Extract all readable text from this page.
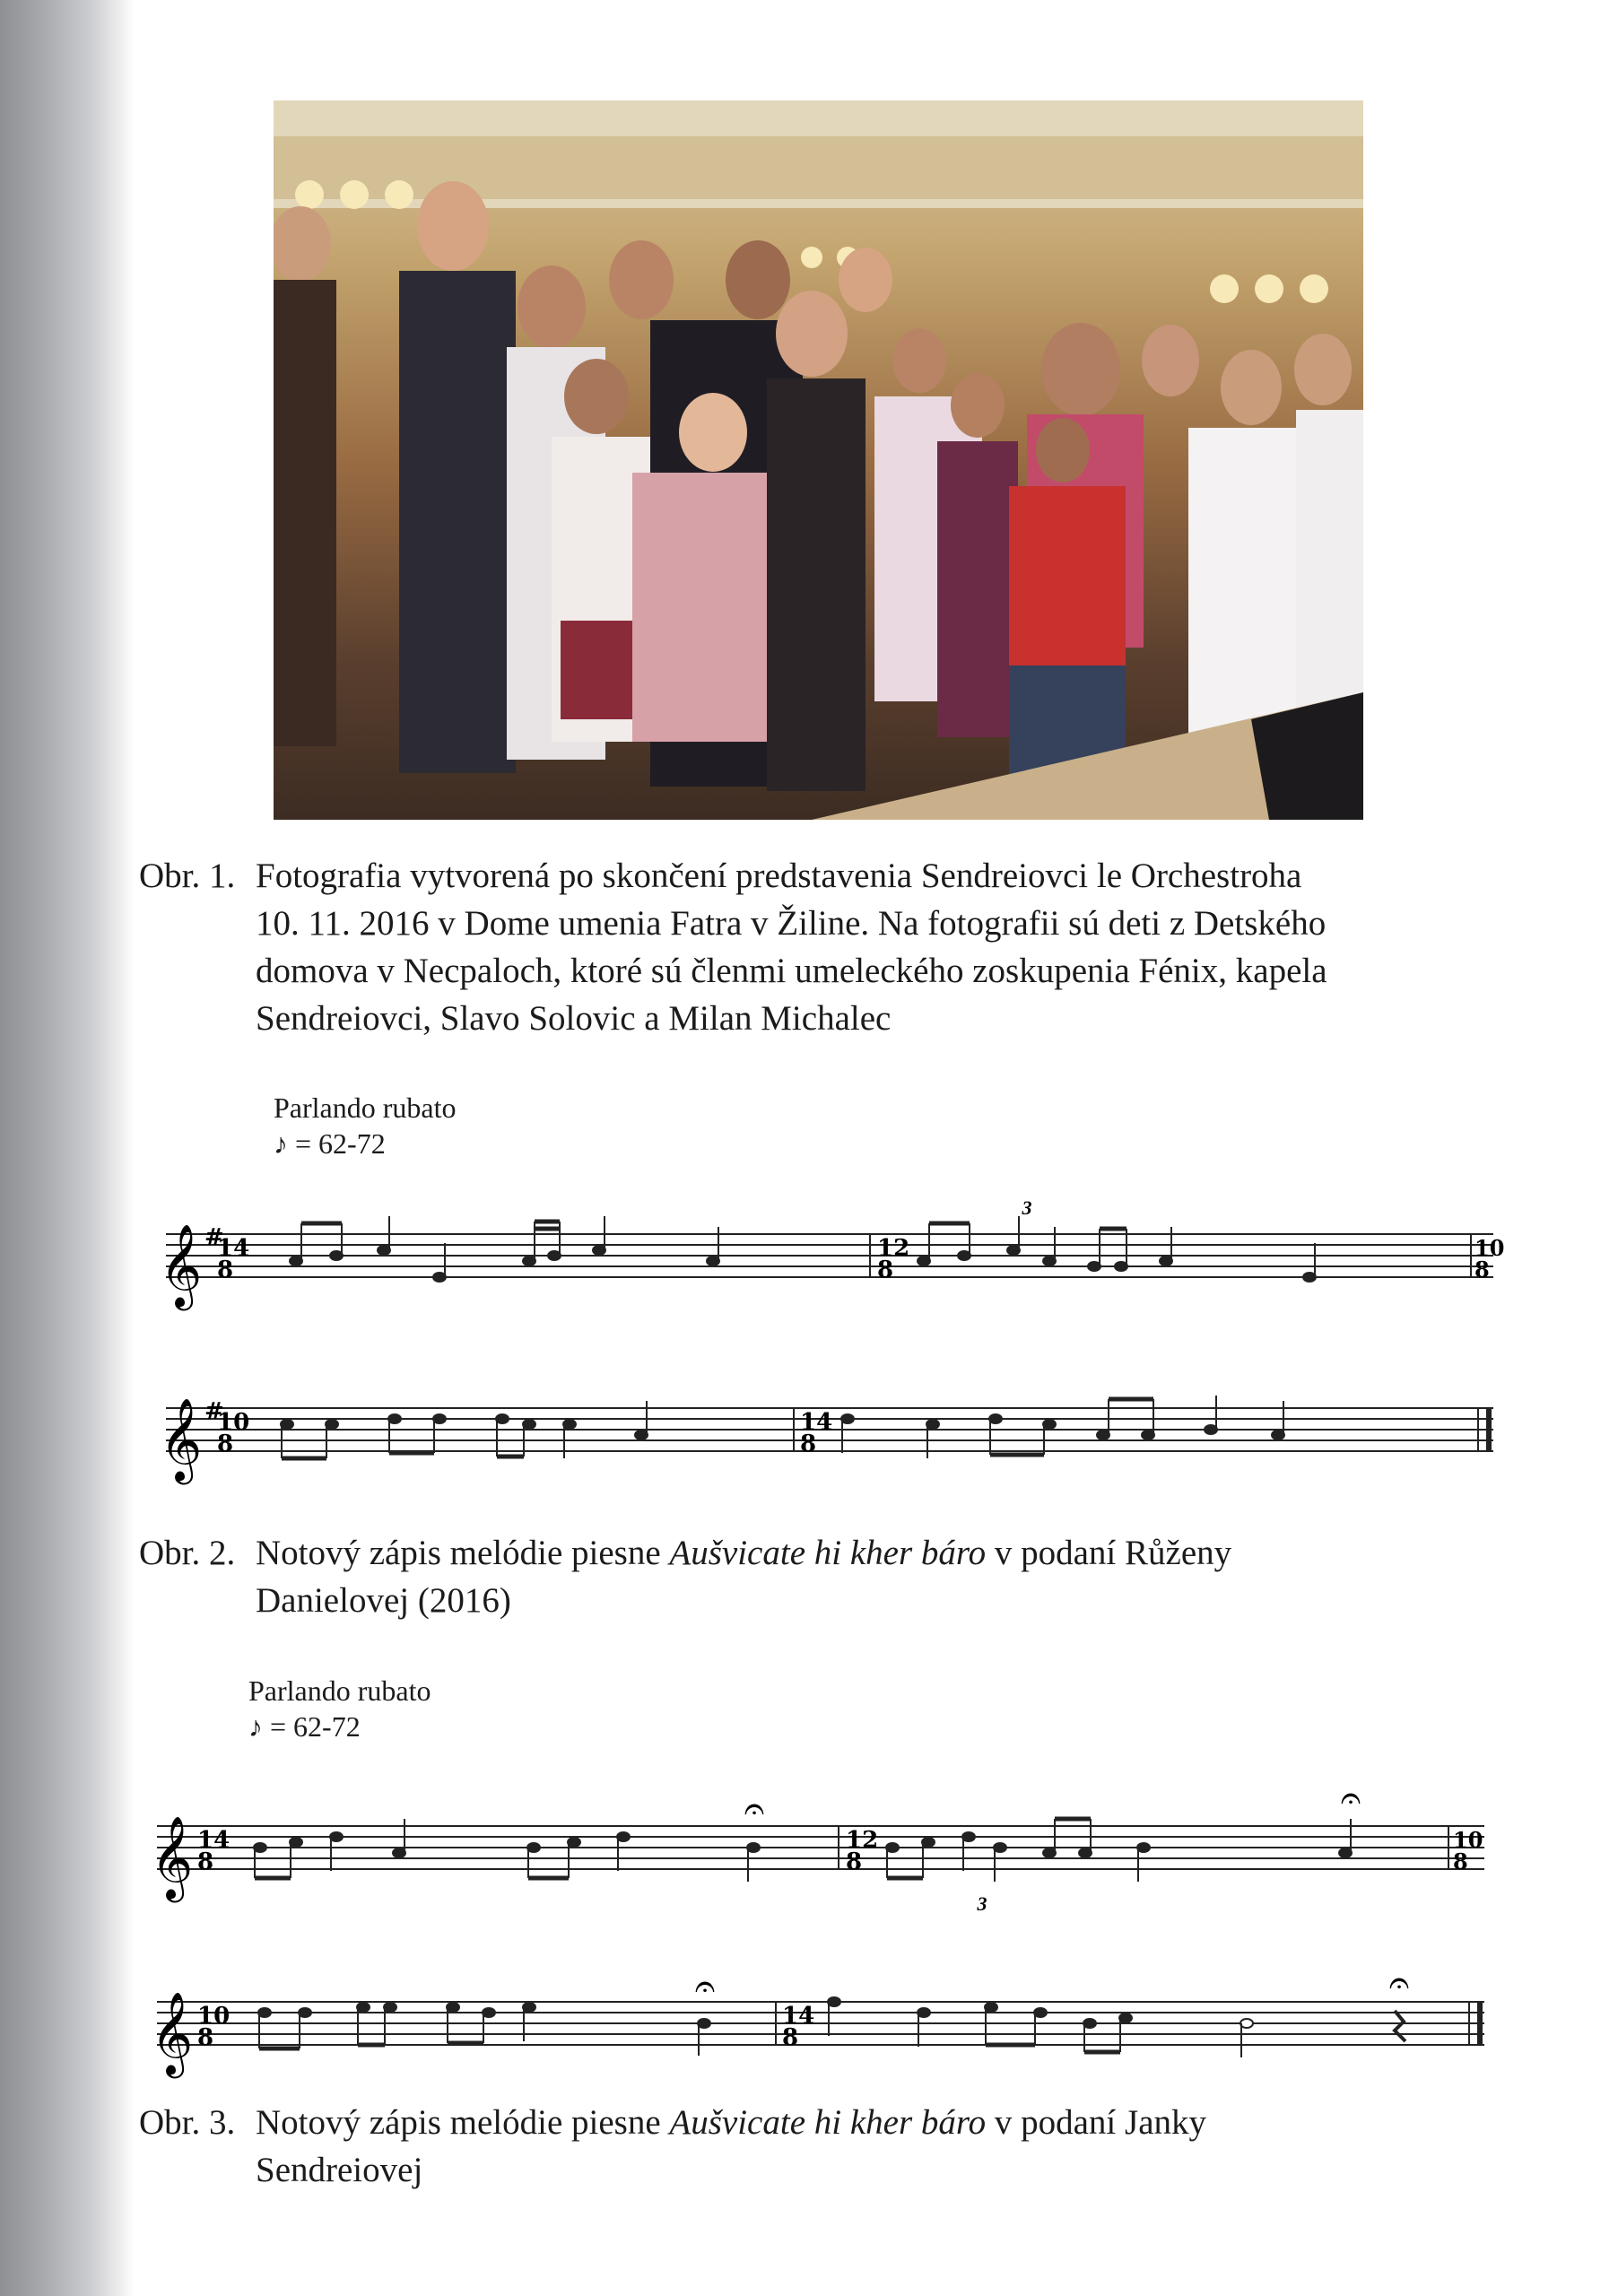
Obr. 1. Fotografia vytvorená po skončení predstavenia Sendreiovci le Orchestroha
10. 11. 2016 v Dome umenia Fatra v Žiline. Na fotografii sú deti z Detského
domova v Necpaloch, ktoré sú členmi umeleckého zoskupenia Fénix, kapela
Sendreiovci, Slavo Solovic a Milan Michalec
Parlando rubato
♪ = 62-72
𝄞 #
14
8
12
8
10
8
3
𝄞 #
10
8
14
8
Obr. 2. Notový zápis melódie piesne Aušvicate hi kher báro v podaní Růženy
Danielovej (2016)
Parlando rubato
♪ = 62-72
𝄞 14
8
12
8
10
8
𝄐	𝄐
3
𝄞 10
8
14
8
𝄐	𝄐
Obr. 3. Notový zápis melódie piesne Aušvicate hi kher báro v podaní Janky
Sendreiovej
